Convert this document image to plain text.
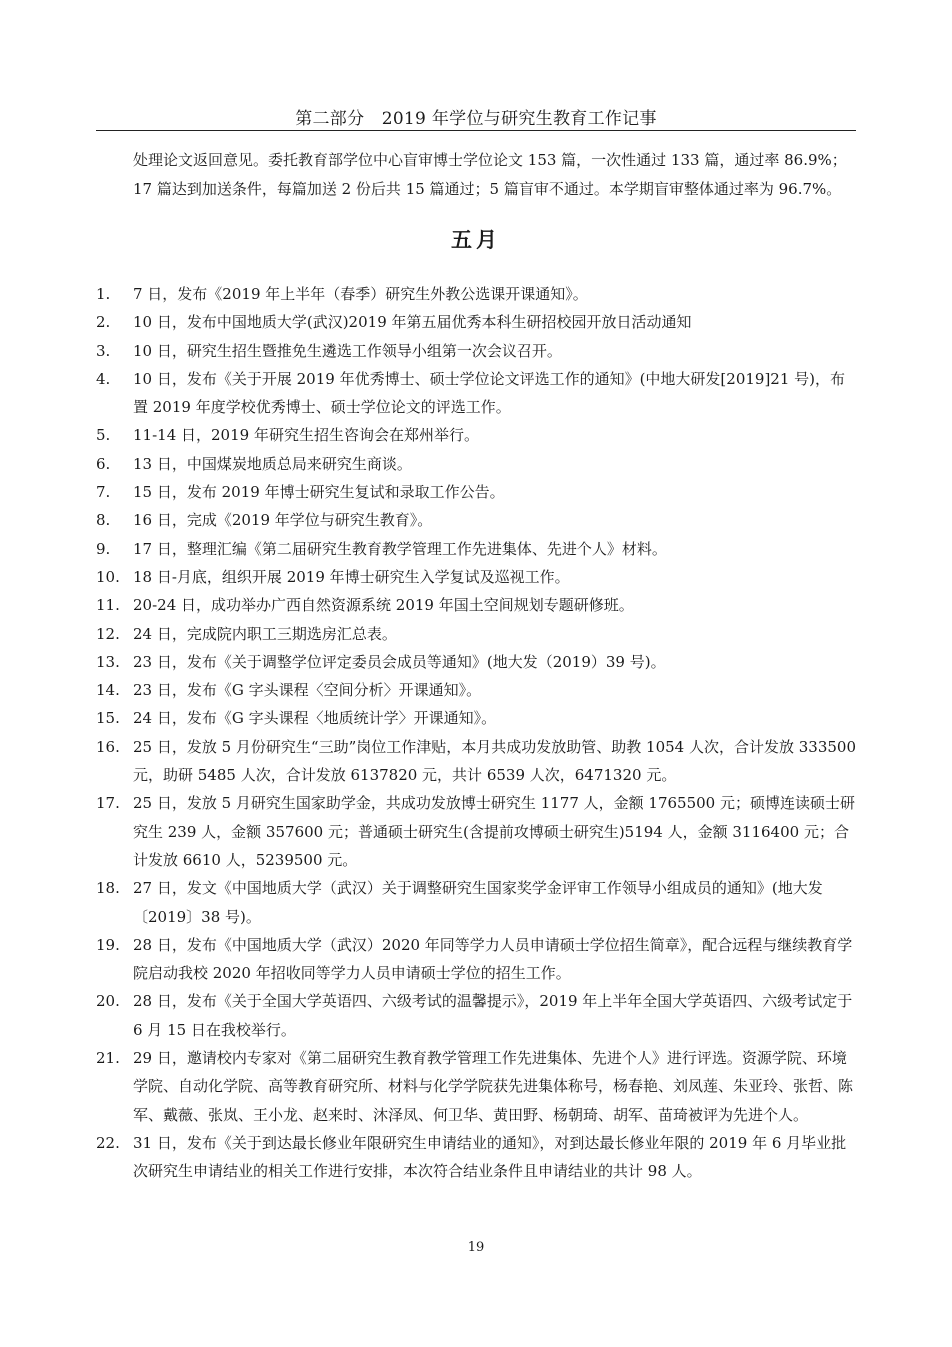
第二部分　2019 年学位与研究生教育工作记事

处理论文返回意见。委托教育部学位中心盲审博士学位论文 153 篇，一次性通过 133 篇，通过率 86.9%；

17 篇达到加送条件，每篇加送 2 份后共 15 篇通过；5 篇盲审不通过。本学期盲审整体通过率为 96.7%。

五月
1.	7 日，发布《2019 年上半年（春季）研究生外教公选课开课通知》。
2.	10 日，发布中国地质大学(武汉)2019 年第五届优秀本科生研招校园开放日活动通知
3.	10 日，研究生招生暨推免生遴选工作领导小组第一次会议召开。
4.	10 日，发布《关于开展 2019 年优秀博士、硕士学位论文评选工作的通知》(中地大研发[2019]21 号)，布置 2019 年度学校优秀博士、硕士学位论文的评选工作。
5.	11-14 日，2019 年研究生招生咨询会在郑州举行。
6.	13 日，中国煤炭地质总局来研究生商谈。
7.	15 日，发布 2019 年博士研究生复试和录取工作公告。
8.	16 日，完成《2019 年学位与研究生教育》。
9.	17 日，整理汇编《第二届研究生教育教学管理工作先进集体、先进个人》材料。
10. 18 日-月底，组织开展 2019 年博士研究生入学复试及巡视工作。
11. 20-24 日，成功举办广西自然资源系统 2019 年国土空间规划专题研修班。
12. 24 日，完成院内职工三期选房汇总表。
13. 23 日，发布《关于调整学位评定委员会成员等通知》(地大发（2019）39 号)。
14. 23 日，发布《G 字头课程〈空间分析〉开课通知》。
15. 24 日，发布《G 字头课程〈地质统计学〉开课通知》。
16. 25 日，发放 5 月份研究生“三助”岗位工作津贴，本月共成功发放助管、助教 1054 人次，合计发放 333500 元，助研 5485 人次，合计发放 6137820 元，共计 6539 人次，6471320 元。
17. 25 日，发放 5 月研究生国家助学金，共成功发放博士研究生 1177 人，金额 1765500 元；硕博连读硕士研究生 239 人，金额 357600 元；普通硕士研究生(含提前攻博硕士研究生)5194 人，金额 3116400 元；合计发放 6610 人，5239500 元。
18. 27 日，发文《中国地质大学（武汉）关于调整研究生国家奖学金评审工作领导小组成员的通知》(地大发〔2019〕38 号)。
19. 28 日，发布《中国地质大学（武汉）2020 年同等学力人员申请硕士学位招生简章》，配合远程与继续教育学院启动我校 2020 年招收同等学力人员申请硕士学位的招生工作。
20. 28 日，发布《关于全国大学英语四、六级考试的温馨提示》，2019 年上半年全国大学英语四、六级考试定于 6 月 15 日在我校举行。
21. 29 日，邀请校内专家对《第二届研究生教育教学管理工作先进集体、先进个人》进行评选。资源学院、环境学院、自动化学院、高等教育研究所、材料与化学学院获先进集体称号，杨春艳、刘凤莲、朱亚玲、张哲、陈军、戴薇、张岚、王小龙、赵来时、沐泽凤、何卫华、黄田野、杨朝琦、胡军、苗琦被评为先进个人。
22. 31 日，发布《关于到达最长修业年限研究生申请结业的通知》，对到达最长修业年限的 2019 年 6 月毕业批次研究生申请结业的相关工作进行安排，本次符合结业条件且申请结业的共计 98 人。
19
